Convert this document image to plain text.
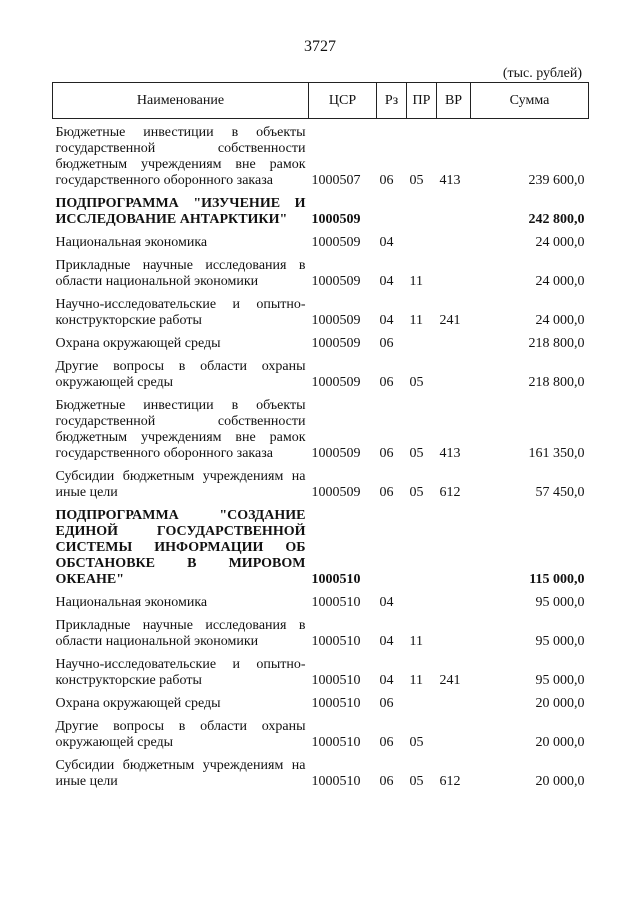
3727
(тыс. рублей)
Наименование	ЦСР	Рз	ПР	ВР	Сумма
Бюджетные инвестиции в объекты государственной собственности бюджетным учреждениям вне рамок государственного оборонного заказа	1000507	06	05	413	239 600,0
ПОДПРОГРАММА "ИЗУЧЕНИЕ И ИССЛЕДОВАНИЕ АНТАРКТИКИ"	1000509				242 800,0
Национальная экономика	1000509	04			24 000,0
Прикладные научные исследования в области национальной экономики	1000509	04	11		24 000,0
Научно-исследовательские и опытно-конструкторские работы	1000509	04	11	241	24 000,0
Охрана окружающей среды	1000509	06			218 800,0
Другие вопросы в области охраны окружающей среды	1000509	06	05		218 800,0
Бюджетные инвестиции в объекты государственной собственности бюджетным учреждениям вне рамок государственного оборонного заказа	1000509	06	05	413	161 350,0
Субсидии бюджетным учреждениям на иные цели	1000509	06	05	612	57 450,0
ПОДПРОГРАММА "СОЗДАНИЕ ЕДИНОЙ ГОСУДАРСТВЕННОЙ СИСТЕМЫ ИНФОРМАЦИИ ОБ ОБСТАНОВКЕ В МИРОВОМ ОКЕАНЕ"	1000510				115 000,0
Национальная экономика	1000510	04			95 000,0
Прикладные научные исследования в области национальной экономики	1000510	04	11		95 000,0
Научно-исследовательские и опытно-конструкторские работы	1000510	04	11	241	95 000,0
Охрана окружающей среды	1000510	06			20 000,0
Другие вопросы в области охраны окружающей среды	1000510	06	05		20 000,0
Субсидии бюджетным учреждениям на иные цели	1000510	06	05	612	20 000,0
